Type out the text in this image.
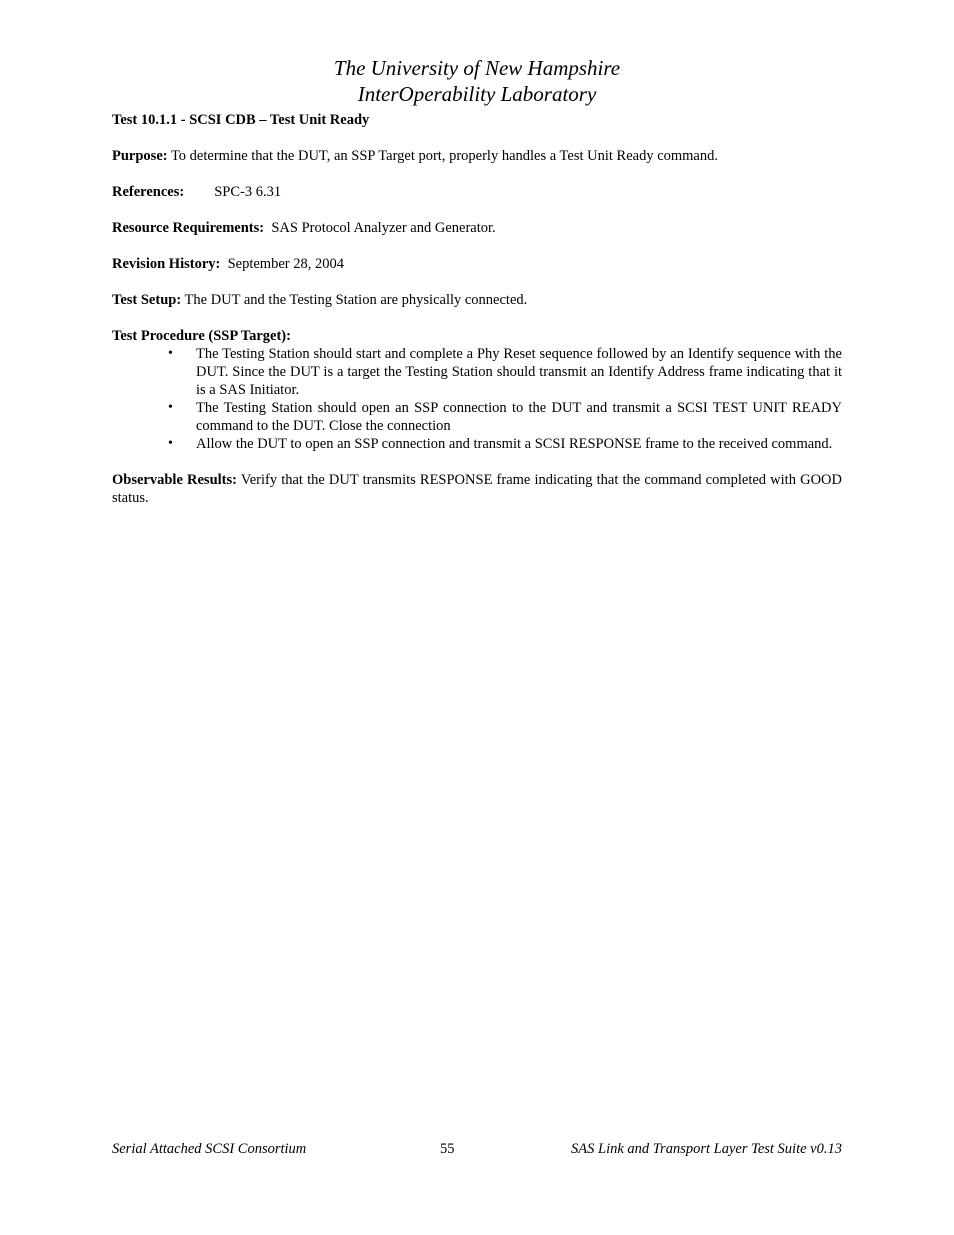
The University of New Hampshire
InterOperability Laboratory

Test 10.1.1 - SCSI CDB – Test Unit Ready

Purpose: To determine that the DUT, an SSP Target port, properly handles a Test Unit Ready command.

References: SPC-3 6.31

Resource Requirements:  SAS Protocol Analyzer and Generator.

Revision History:  September 28, 2004

Test Setup: The DUT and the Testing Station are physically connected.

Test Procedure (SSP Target):

• The Testing Station should start and complete a Phy Reset sequence followed by an Identify sequence with the DUT. Since the DUT is a target the Testing Station should transmit an Identify Address frame indicating that it is a SAS Initiator.
• The Testing Station should open an SSP connection to the DUT and transmit a SCSI TEST UNIT READY command to the DUT. Close the connection
• Allow the DUT to open an SSP connection and transmit a SCSI RESPONSE frame to the received command.

Observable Results: Verify that the DUT transmits RESPONSE frame indicating that the command completed with GOOD status.

Serial Attached SCSI Consortium	55	SAS Link and Transport Layer Test Suite v0.13
